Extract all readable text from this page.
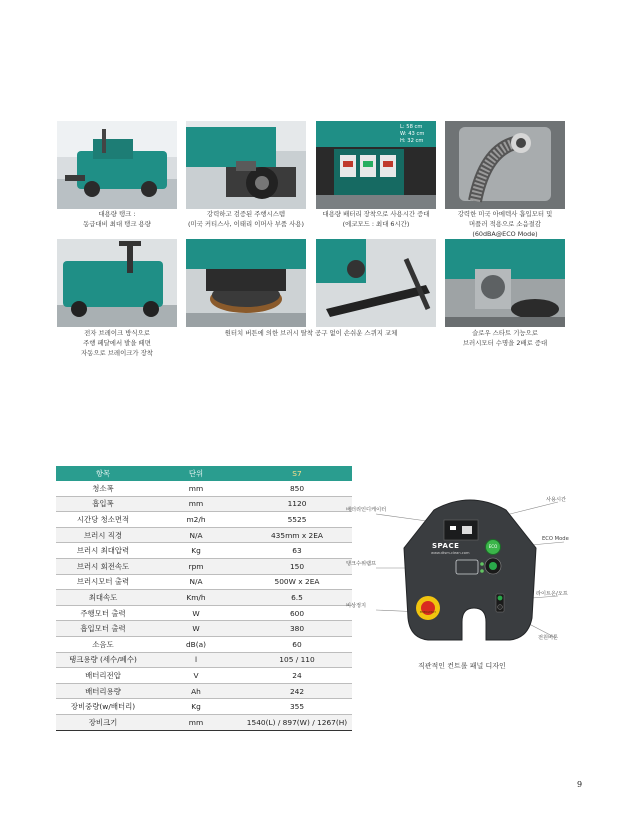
L: 58 cm
W: 43 cm
H: 32 cm
대용량 탱크 :
동급대비 최대 탱크 용량
강력하고 검증된 주행시스템
(미국 커티스사, 이태리 이머사 부품 사용)
대용량 배터리 장착으로 사용시간 증대
(에코모드 : 최대 6시간)
강력한 미국 아메텍사 흡입모터 및
머플러 적용으로 소음절감
(60dBA@ECO Mode)
전자 브레이크 방식으로
주행 페달에서 발을 떼면
자동으로 브레이크가 장착
원터치 버튼에 의한 브러시 탈착 공구 없이 손쉬운 스퀴지 교체	슬로우 스타트 기능으로
브러시모터 수명을 2배로 증대
항목	단위	S7
청소폭	mm	850
흡입폭	mm	1120
시간당 청소면적	m2/h	5525
브러시 직경	N/A	435mm x 2EA
브러시 최대압력	Kg	63
브러시 회전속도	rpm	150
브러시모터 출력	N/A	500W x 2EA
최대속도	Km/h	6.5
주행모터 출력	W	600
흡입모터 출력	W	380
소음도	dB(a)	60
탱크용량 (세수/폐수)	l	105 / 110
배터리전압	V	24
배터리용량	Ah	242
장비중량(w/배터리)	Kg	355
장비크기	mm	1540(L) / 897(W) / 1267(H)
SPACE
www.dtsm-clean.com
ECO
EMERGENCY
사용시간
배터리인디케이터
ECO Mode
탱크수위램프
비상정지
라이트온/오프
전원버튼
직관적인 컨트롤 패널 디자인
9
